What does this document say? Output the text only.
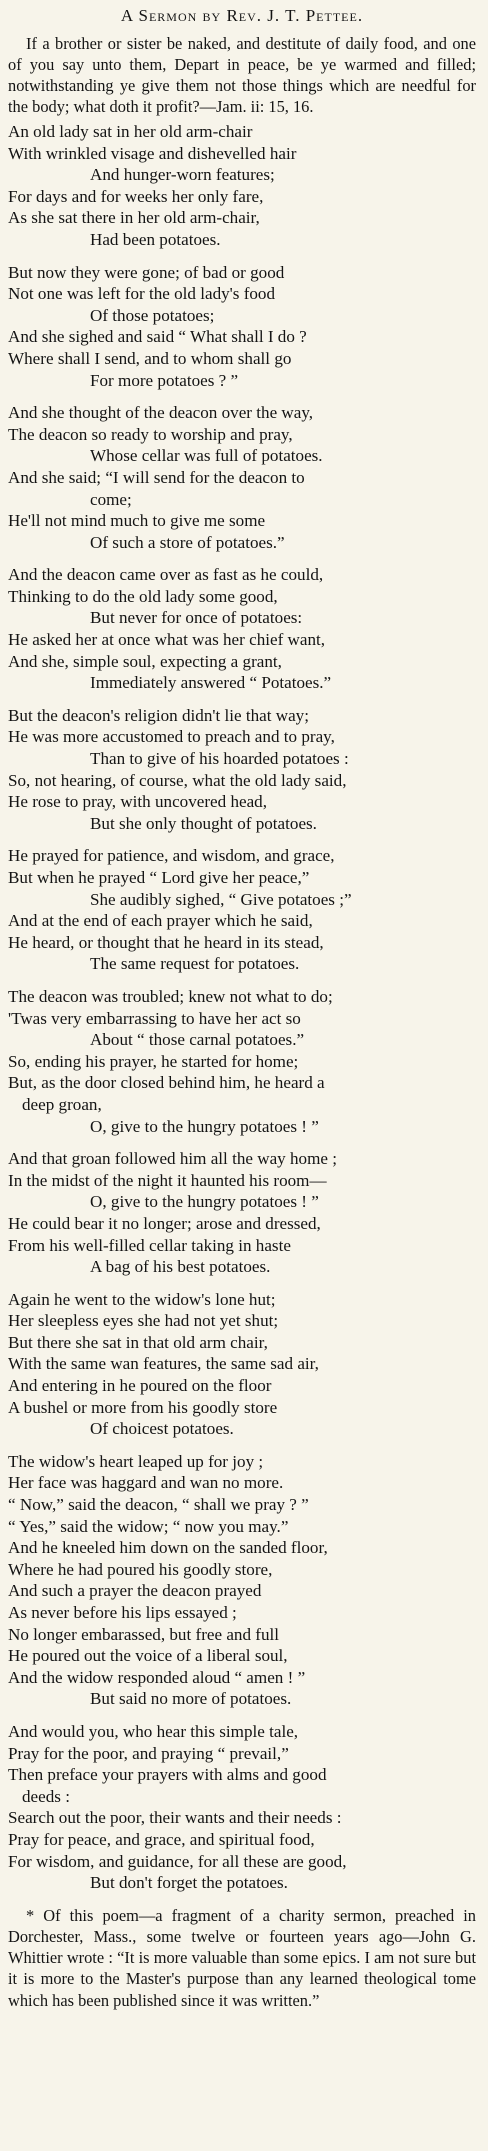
A Sermon by Rev. J. T. Pettee.

If a brother or sister be naked, and destitute of daily food, and one of you say unto them, Depart in peace, be ye warmed and filled; notwithstanding ye give them not those things which are needful for the body; what doth it profit?—Jam. ii: 15, 16.

An old lady sat in her old arm-chair
With wrinkled visage and dishevelled hair
And hunger-worn features;
For days and for weeks her only fare,
As she sat there in her old arm-chair,
Had been potatoes.
But now they were gone; of bad or good
Not one was left for the old lady's food
Of those potatoes;
And she sighed and said “ What shall I do ?
Where shall I send, and to whom shall go
For more potatoes ? ”
And she thought of the deacon over the way,
The deacon so ready to worship and pray,
Whose cellar was full of potatoes.
And she said; “I will send for the deacon to
come;
He'll not mind much to give me some
Of such a store of potatoes.”
And the deacon came over as fast as he could,
Thinking to do the old lady some good,
But never for once of potatoes:
He asked her at once what was her chief want,
And she, simple soul, expecting a grant,
Immediately answered “ Potatoes.”
But the deacon's religion didn't lie that way;
He was more accustomed to preach and to pray,
Than to give of his hoarded potatoes :
So, not hearing, of course, what the old lady said,
He rose to pray, with uncovered head,
But she only thought of potatoes.
He prayed for patience, and wisdom, and grace,
But when he prayed “ Lord give her peace,”
She audibly sighed, “ Give potatoes ;”
And at the end of each prayer which he said,
He heard, or thought that he heard in its stead,
The same request for potatoes.
The deacon was troubled; knew not what to do;
'Twas very embarrassing to have her act so
About “ those carnal potatoes.”
So, ending his prayer, he started for home;
But, as the door closed behind him, he heard a
deep groan,
O, give to the hungry potatoes ! ”
And that groan followed him all the way home ;
In the midst of the night it haunted his room—
O, give to the hungry potatoes ! ”
He could bear it no longer; arose and dressed,
From his well-filled cellar taking in haste
A bag of his best potatoes.
Again he went to the widow's lone hut;
Her sleepless eyes she had not yet shut;
But there she sat in that old arm chair,
With the same wan features, the same sad air,
And entering in he poured on the floor
A bushel or more from his goodly store
Of choicest potatoes.
The widow's heart leaped up for joy ;
Her face was haggard and wan no more.
“ Now,” said the deacon, “ shall we pray ? ”
“ Yes,” said the widow; “ now you may.”
And he kneeled him down on the sanded floor,
Where he had poured his goodly store,
And such a prayer the deacon prayed
As never before his lips essayed ;
No longer embarassed, but free and full
He poured out the voice of a liberal soul,
And the widow responded aloud “ amen ! ”
But said no more of potatoes.
And would you, who hear this simple tale,
Pray for the poor, and praying “ prevail,”
Then preface your prayers with alms and good
deeds :
Search out the poor, their wants and their needs :
Pray for peace, and grace, and spiritual food,
For wisdom, and guidance, for all these are good,
But don't forget the potatoes.

* Of this poem—a fragment of a charity sermon, preached in Dorchester, Mass., some twelve or fourteen years ago—John G. Whittier wrote : “It is more valuable than some epics. I am not sure but it is more to the Master's purpose than any learned theological tome which has been published since it was written.”
